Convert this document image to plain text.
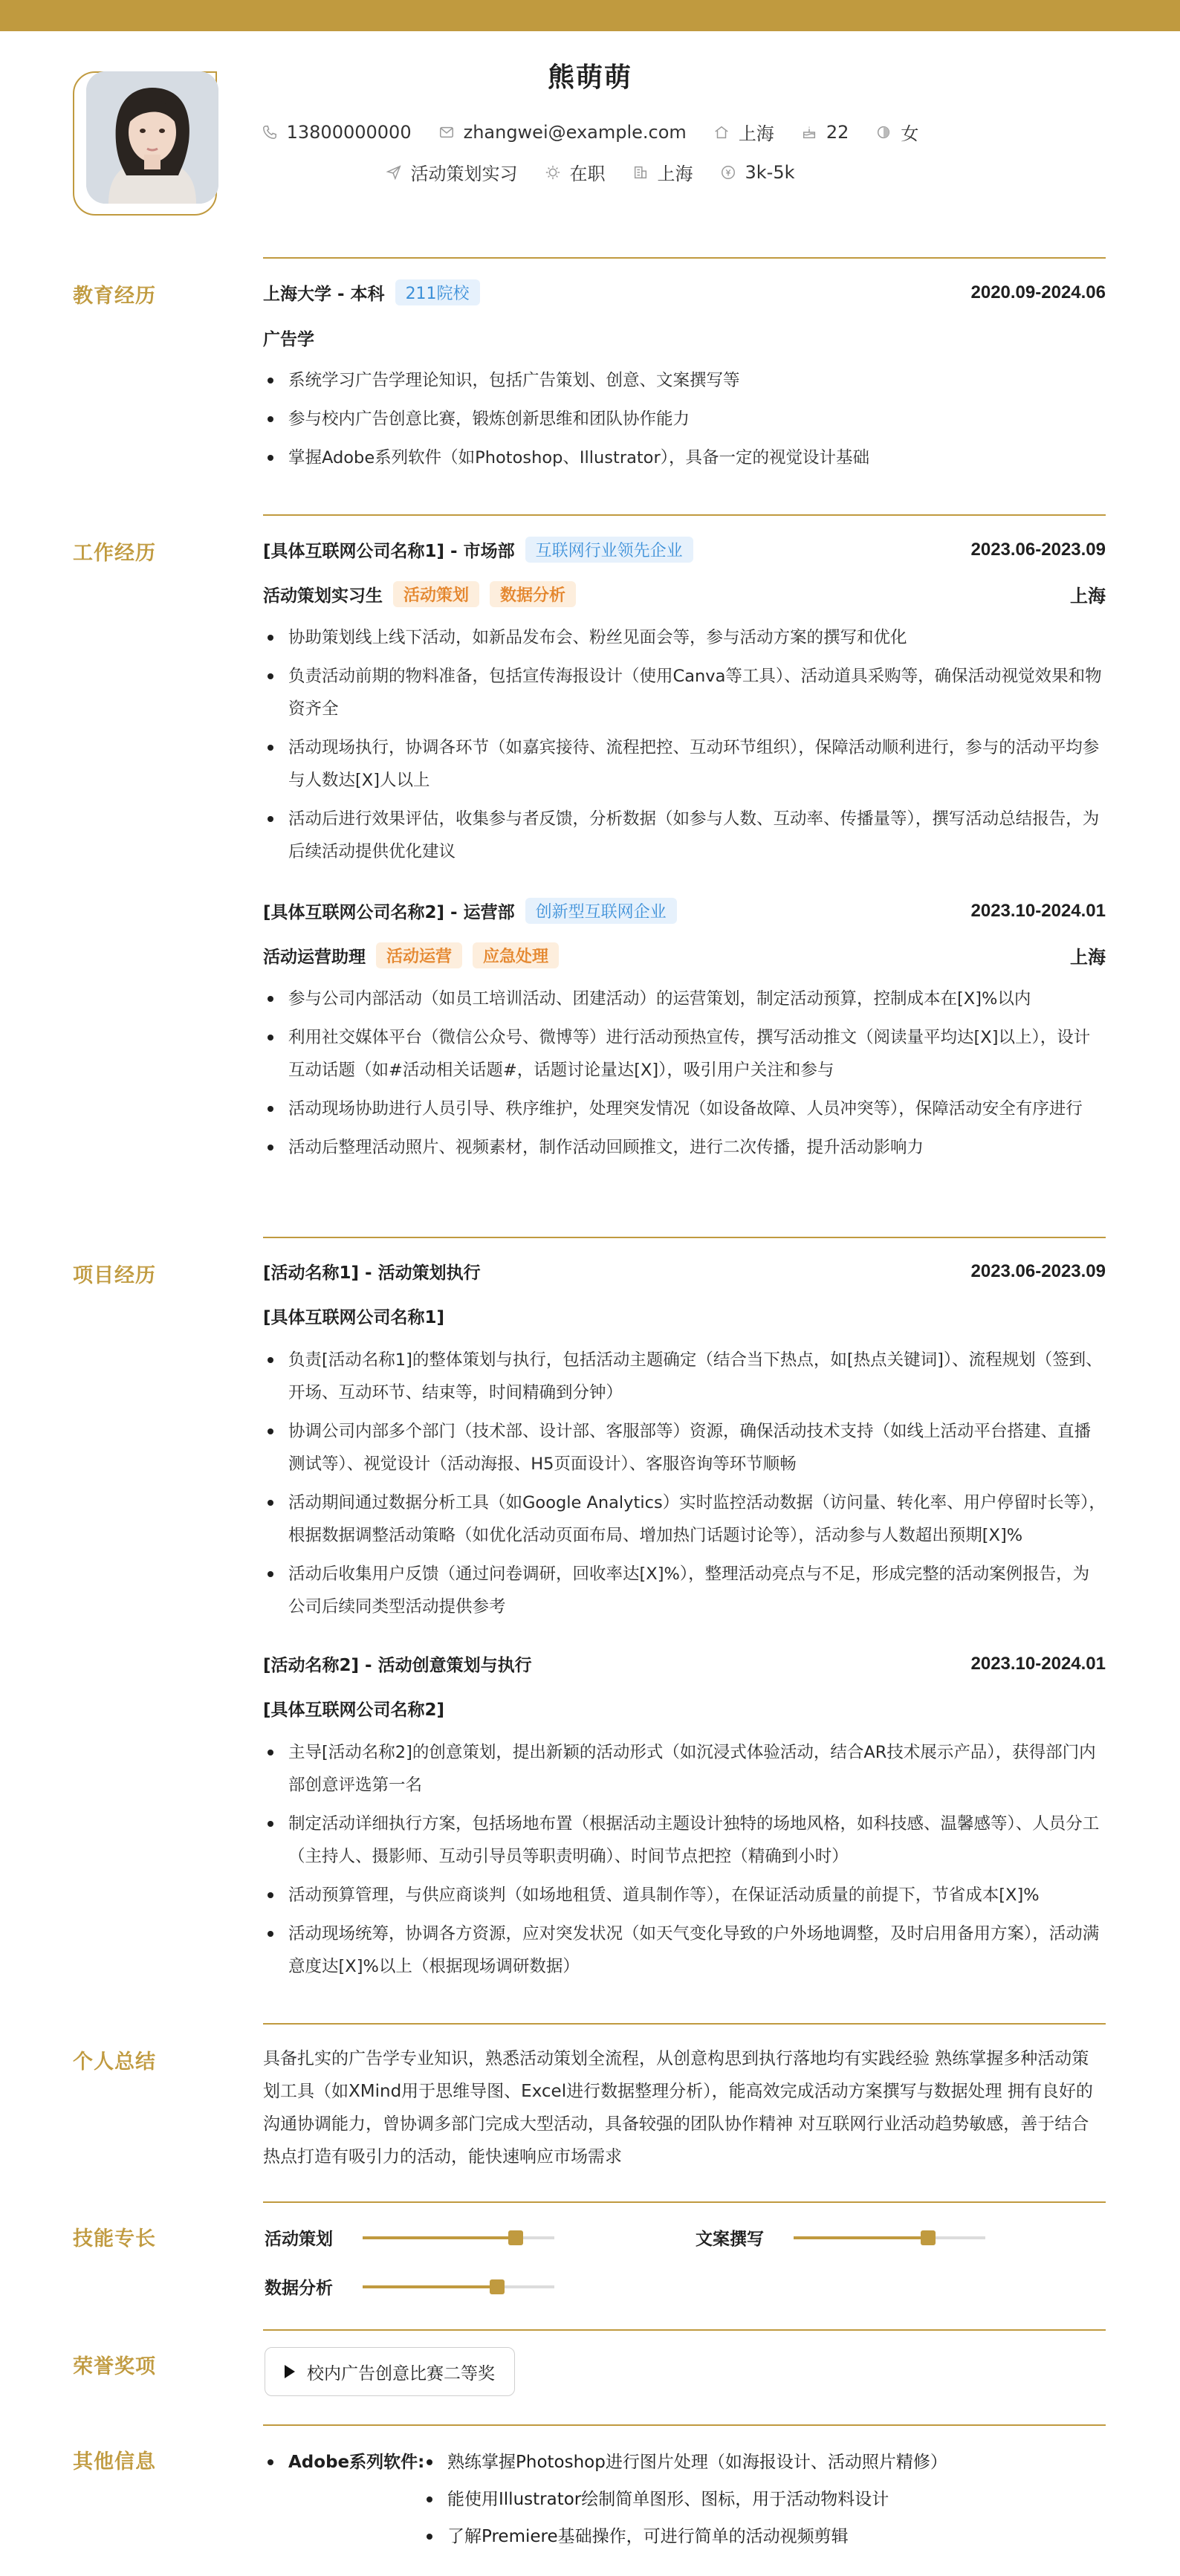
熊萌萌
13800000000	zhangwei@example.com	上海	22	女
活动策划实习	在职	上海	3k-5k
教育经历	上海大学 - 本科	211院校	2020.09-2024.06
广告学
系统学习广告学理论知识，包括广告策划、创意、文案撰写等
参与校内广告创意比赛，锻炼创新思维和团队协作能力
掌握Adobe系列软件（如Photoshop、Illustrator），具备一定的视觉设计基础
工作经历	[具体互联网公司名称1] - 市场部	互联网行业领先企业	2023.06-2023.09
活动策划实习生	活动策划	数据分析	上海
协助策划线上线下活动，如新品发布会、粉丝见面会等，参与活动方案的撰写和优化
负责活动前期的物料准备，包括宣传海报设计（使用Canva等工具）、活动道具采购等，确保活动视觉效果和物资齐全
活动现场执行，协调各环节（如嘉宾接待、流程把控、互动环节组织），保障活动顺利进行，参与的活动平均参与人数达[X]人以上
活动后进行效果评估，收集参与者反馈，分析数据（如参与人数、互动率、传播量等），撰写活动总结报告，为后续活动提供优化建议
[具体互联网公司名称2] - 运营部	创新型互联网企业	2023.10-2024.01
活动运营助理	活动运营	应急处理	上海
参与公司内部活动（如员工培训活动、团建活动）的运营策划，制定活动预算，控制成本在[X]%以内
利用社交媒体平台（微信公众号、微博等）进行活动预热宣传，撰写活动推文（阅读量平均达[X]以上），设计互动话题（如#活动相关话题#，话题讨论量达[X]），吸引用户关注和参与
活动现场协助进行人员引导、秩序维护，处理突发情况（如设备故障、人员冲突等），保障活动安全有序进行
活动后整理活动照片、视频素材，制作活动回顾推文，进行二次传播，提升活动影响力
项目经历	[活动名称1] - 活动策划执行	2023.06-2023.09
[具体互联网公司名称1]
负责[活动名称1]的整体策划与执行，包括活动主题确定（结合当下热点，如[热点关键词]）、流程规划（签到、开场、互动环节、结束等，时间精确到分钟）
协调公司内部多个部门（技术部、设计部、客服部等）资源，确保活动技术支持（如线上活动平台搭建、直播测试等）、视觉设计（活动海报、H5页面设计）、客服咨询等环节顺畅
活动期间通过数据分析工具（如Google Analytics）实时监控活动数据（访问量、转化率、用户停留时长等），根据数据调整活动策略（如优化活动页面布局、增加热门话题讨论等），活动参与人数超出预期[X]%
活动后收集用户反馈（通过问卷调研，回收率达[X]%），整理活动亮点与不足，形成完整的活动案例报告，为公司后续同类型活动提供参考
[活动名称2] - 活动创意策划与执行	2023.10-2024.01
[具体互联网公司名称2]
主导[活动名称2]的创意策划，提出新颖的活动形式（如沉浸式体验活动，结合AR技术展示产品），获得部门内部创意评选第一名
制定活动详细执行方案，包括场地布置（根据活动主题设计独特的场地风格，如科技感、温馨感等）、人员分工（主持人、摄影师、互动引导员等职责明确）、时间节点把控（精确到小时）
活动预算管理，与供应商谈判（如场地租赁、道具制作等），在保证活动质量的前提下，节省成本[X]%
活动现场统筹，协调各方资源，应对突发状况（如天气变化导致的户外场地调整，及时启用备用方案），活动满意度达[X]%以上（根据现场调研数据）
个人总结	具备扎实的广告学专业知识，熟悉活动策划全流程，从创意构思到执行落地均有实践经验 熟练掌握多种活动策划工具（如XMind用于思维导图、Excel进行数据整理分析），能高效完成活动方案撰写与数据处理 拥有良好的沟通协调能力，曾协调多部门完成大型活动，具备较强的团队协作精神 对互联网行业活动趋势敏感，善于结合热点打造有吸引力的活动，能快速响应市场需求
技能专长	活动策划	文案撰写
数据分析
荣誉奖项	校内广告创意比赛二等奖
其他信息	Adobe系列软件:	熟练掌握Photoshop进行图片处理（如海报设计、活动照片精修）
能使用Illustrator绘制简单图形、图标，用于活动物料设计
了解Premiere基础操作，可进行简单的活动视频剪辑
